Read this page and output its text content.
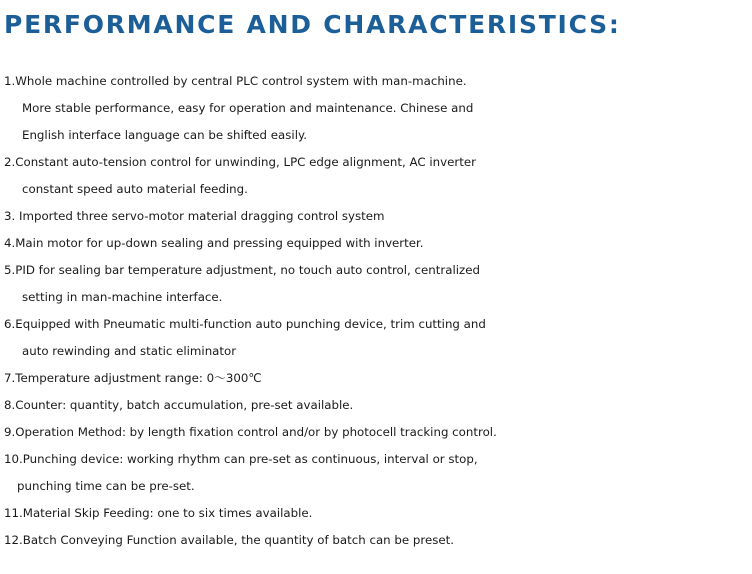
PERFORMANCE AND CHARACTERISTICS:
1.Whole machine controlled by central PLC control system with man-machine.
More stable performance, easy for operation and maintenance. Chinese and
English interface language can be shifted easily.
2.Constant auto-tension control for unwinding, LPC edge alignment, AC inverter
constant speed auto material feeding.
3. Imported three servo-motor material dragging control system
4.Main motor for up-down sealing and pressing equipped with inverter.
5.PID for sealing bar temperature adjustment, no touch auto control, centralized
setting in man-machine interface.
6.Equipped with Pneumatic multi-function auto punching device, trim cutting and
auto rewinding and static eliminator
7.Temperature adjustment range: 0～300℃
8.Counter: quantity, batch accumulation, pre-set available.
9.Operation Method: by length fixation control and/or by photocell tracking control.
10.Punching device: working rhythm can pre-set as continuous, interval or stop,
punching time can be pre-set.
11.Material Skip Feeding: one to six times available.
12.Batch Conveying Function available, the quantity of batch can be preset.
